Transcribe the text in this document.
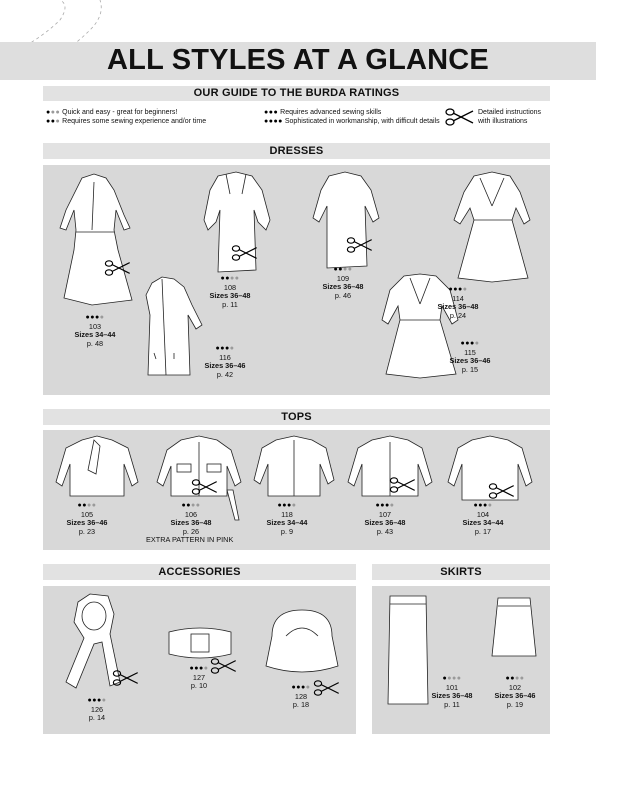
ALL STYLES AT A GLANCE
OUR GUIDE TO THE BURDA RATINGS
●●● Quick and easy - great for beginners!
●●● Requires some sewing experience and/or time
●●● Requires advanced sewing skills
●●●● Sophisticated in workmanship, with difficult details
Detailed instructions
with illustrations
DRESSES
●●●●
103
Sizes 34–44
p. 48
●●●●
116
Sizes 36–46
p. 42
●●●●
108
Sizes 36–48
p. 11
●●●●
109
Sizes 36–48
p. 46
●●●●
115
Sizes 36–46
p. 15
●●●●
114
Sizes 36–48
p. 24
TOPS
●●●●
105
Sizes 36–46
p. 23
●●●●
106
Sizes 36–48
p. 26
EXTRA PATTERN IN PINK
●●●●
118
Sizes 34–44
p. 9
●●●●
107
Sizes 36–48
p. 43
●●●●
104
Sizes 34–44
p. 17
ACCESSORIES
●●●●
126
p. 14
●●●●
127
p. 10	●●●●
128
p. 18
SKIRTS
●●●●
101
Sizes 36–48
p. 11
●●●●
102
Sizes 36–46
p. 19
